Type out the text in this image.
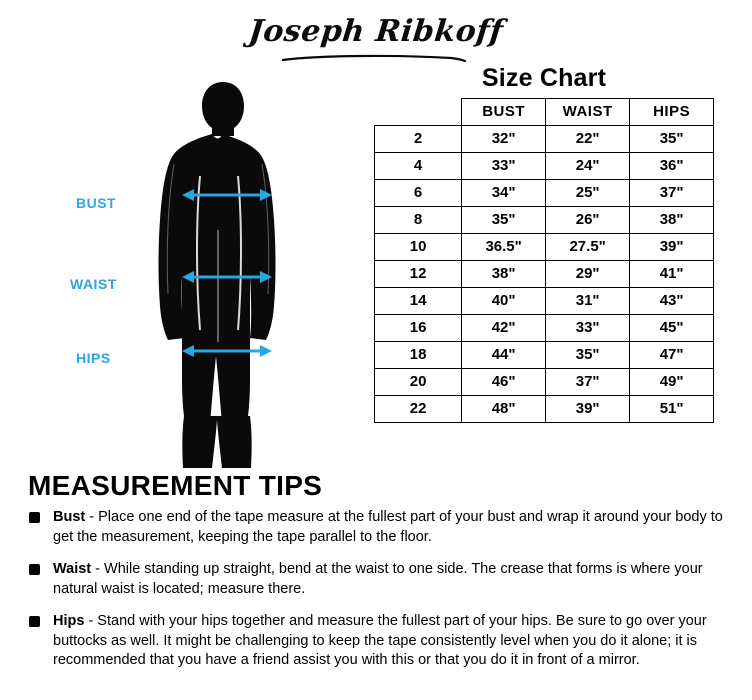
Joseph Ribkoff
BUST
WAIST
HIPS
Size Chart
	BUST	WAIST	HIPS
2	32"	22"	35"
4	33"	24"	36"
6	34"	25"	37"
8	35"	26"	38"
10	36.5"	27.5"	39"
12	38"	29"	41"
14	40"	31"	43"
16	42"	33"	45"
18	44"	35"	47"
20	46"	37"	49"
22	48"	39"	51"
MEASUREMENT TIPS
Bust - Place one end of the tape measure at the fullest part of your bust and wrap it around your body to get the measurement, keeping the tape parallel to the floor.
Waist - While standing up straight, bend at the waist to one side. The crease that forms is where your natural waist is located; measure there.
Hips - Stand with your hips together and measure the fullest part of your hips. Be sure to go over your buttocks as well. It might be challenging to keep the tape consistently level when you do it alone; it is recommended that you have a friend assist you with this or that you do it in front of a mirror.
